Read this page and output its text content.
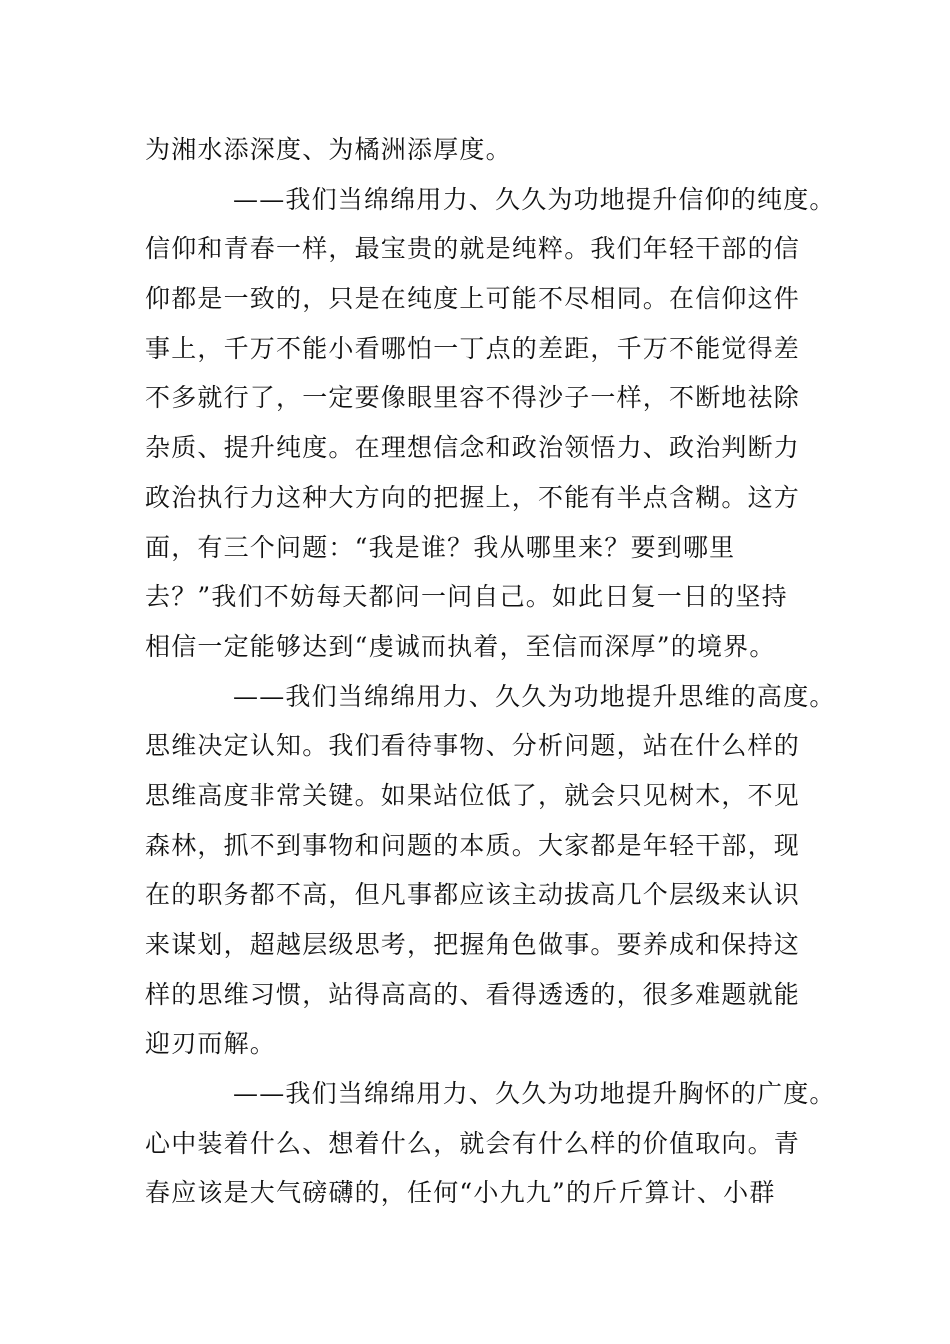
为湘水添深度、为橘洲添厚度。
——我们当绵绵用力、久久为功地提升信仰的纯度。
信仰和青春一样，最宝贵的就是纯粹。我们年轻干部的信
仰都是一致的，只是在纯度上可能不尽相同。在信仰这件
事上，千万不能小看哪怕一丁点的差距，千万不能觉得差
不多就行了，一定要像眼里容不得沙子一样，不断地祛除
杂质、提升纯度。在理想信念和政治领悟力、政治判断力
政治执行力这种大方向的把握上，不能有半点含糊。这方
面，有三个问题：“我是谁？我从哪里来？要到哪里
去？”我们不妨每天都问一问自己。如此日复一日的坚持
相信一定能够达到“虔诚而执着，至信而深厚”的境界。
——我们当绵绵用力、久久为功地提升思维的高度。
思维决定认知。我们看待事物、分析问题，站在什么样的
思维高度非常关键。如果站位低了，就会只见树木，不见
森林，抓不到事物和问题的本质。大家都是年轻干部，现
在的职务都不高，但凡事都应该主动拔高几个层级来认识
来谋划，超越层级思考，把握角色做事。要养成和保持这
样的思维习惯，站得高高的、看得透透的，很多难题就能
迎刃而解。
——我们当绵绵用力、久久为功地提升胸怀的广度。
心中装着什么、想着什么，就会有什么样的价值取向。青
春应该是大气磅礴的，任何“小九九”的斤斤算计、小群
